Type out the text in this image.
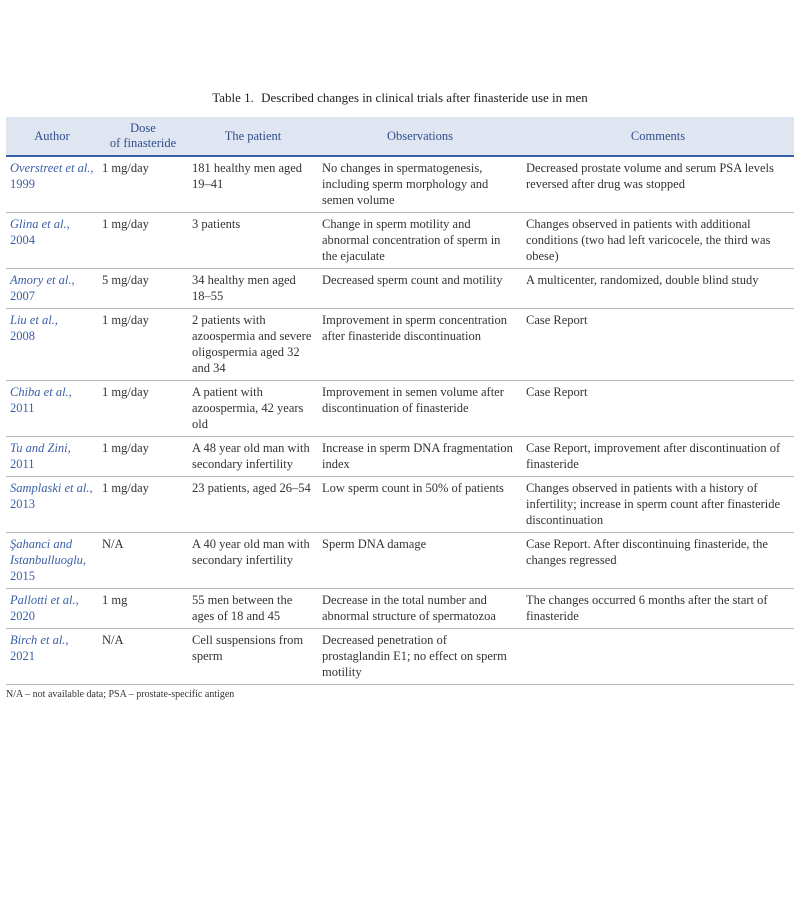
Table 1. Described changes in clinical trials after finasteride use in men
Author	Dose
of finasteride	The patient	Observations	Comments
Overstreet et al.,
1999	1 mg/day	181 healthy men aged 19–41	No changes in spermatogenesis, including sperm morphology and semen volume	Decreased prostate volume and serum PSA levels reversed after drug was stopped
Glina et al.,
2004	1 mg/day	3 patients	Change in sperm motility and abnormal concentration of sperm in the ejaculate	Changes observed in patients with additional conditions (two had left varicocele, the third was obese)
Amory et al.,
2007	5 mg/day	34 healthy men aged 18–55	Decreased sperm count and motility	A multicenter, randomized, double blind study
Liu et al.,
2008	1 mg/day	2 patients with azoospermia and severe oligospermia aged 32 and 34	Improvement in sperm concentration after finasteride discontinuation	Case Report
Chiba et al.,
2011	1 mg/day	A patient with azoospermia, 42 years old	Improvement in semen volume after discontinuation of finasteride	Case Report
Tu and Zini,
2011	1 mg/day	A 48 year old man with secondary infertility	Increase in sperm DNA fragmentation index	Case Report, improvement after discontinuation of finasteride
Samplaski et al.,
2013	1 mg/day	23 patients, aged 26–54	Low sperm count in 50% of patients	Changes observed in patients with a history of infertility; increase in sperm count after finasteride discontinuation
Şahanci and Istanbulluoglu,
2015	N/A	A 40 year old man with secondary infertility	Sperm DNA damage	Case Report. After discontinuing finasteride, the changes regressed
Pallotti et al.,
2020	1 mg	55 men between the ages of 18 and 45	Decrease in the total number and abnormal structure of spermatozoa	The changes occurred 6 months after the start of finasteride
Birch et al.,
2021	N/A	Cell suspensions from sperm	Decreased penetration of prostaglandin E1; no effect on sperm motility	
N/A – not available data; PSA – prostate-specific antigen
